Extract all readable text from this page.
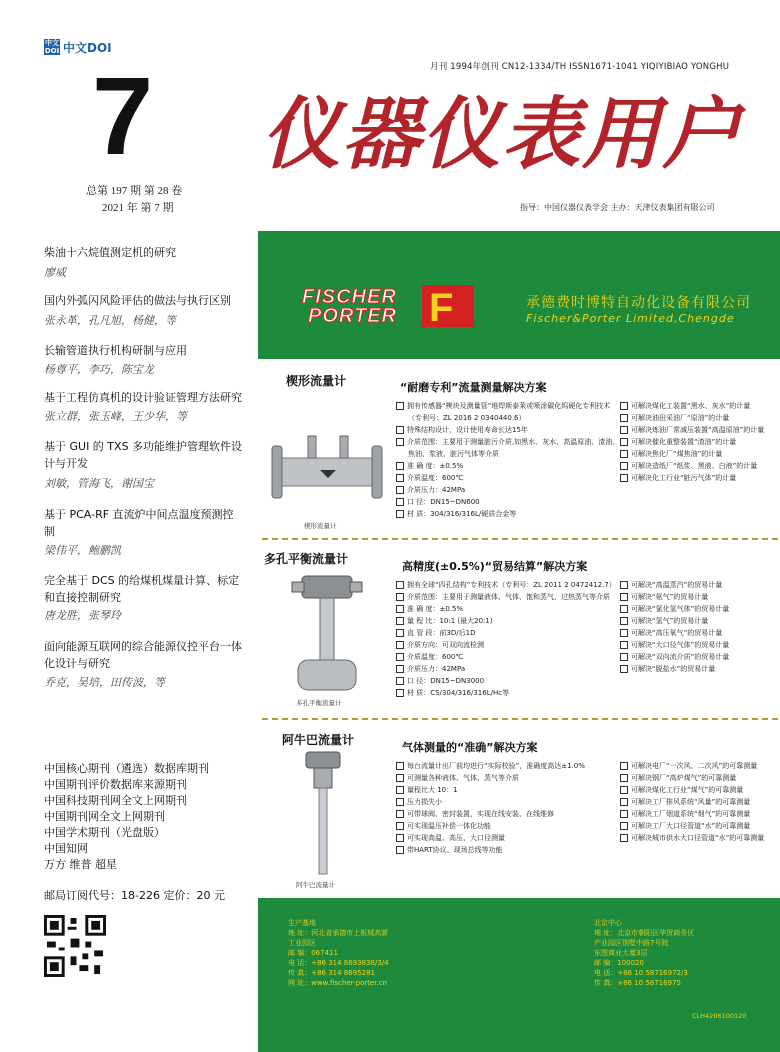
中文
DOI 中文DOI
7
总第 197 期 第 28 卷
2021 年 第 7 期
月刊 1994年创刊 CN12-1334/TH ISSN1671-1041 YIQIYIBIAO YONGHU
仪器仪表用户
指导：中国仪器仪表学会 主办：天津仪表集团有限公司
柴油十六烷值测定机的研究
廖威
国内外弧闪风险评估的做法与执行区别
张永革，孔凡旭，杨健，等
长输管道执行机构研制与应用
杨尊平，李巧，陈宝龙
基于工程仿真机的设计验证管理方法研究
张立群，张玉峰，王少华，等
基于 GUI 的 TXS 多功能维护管理软件设计与开发
刘敏，管海飞，谢国宝
基于 PCA-RF 直流炉中间点温度预测控制
梁伟平，鲍鹏凯
完全基于 DCS 的给煤机煤量计算、标定和直接控制研究
唐龙胜，张琴玲
面向能源互联网的综合能源仪控平台一体化设计与研究
乔克，吴培，田传波，等
中国核心期刊（遴选）数据库期刊
中国期刊评价数据库来源期刊
中国科技期刊网全文上网期刊
中国期刊网全文上网期刊
中国学术期刊（光盘版）
中国知网
万方 维普 超星
邮局订阅代号：18-226 定价：20 元
F
FISCHER
PORTER
承德费时博特自动化设备有限公司
Fischer&Porter Limited,Chengde
楔形流量计	“耐磨专利”流量测量解决方案
楔形流量计
拥有传感器“楔块及测量管”堆焊斯泰莱或喷涂碳化钨硬化专利技术
（专利号：ZL 2016 2 0340440.6）
特殊结构设计，设计使用寿命长达15年
介质范围：主要用于测量脏污介质,如黑水、灰水、高温原油、渣油、
焦油、浆液、脏污气体等介质
准 确 度：±0.5%
介质温度：600℃
介质压力：42MPa
口 径：DN15~DN600
材 质：304/316/316L/硬质合金等
可解决煤化工装置“黑水、灰水”的计量
可解决油田采油厂“原油”的计量
可解决炼油厂常减压装置“高温原油”的计量
可解决催化重整装置“渣油”的计量
可解决焦化厂“煤焦油”的计量
可解决造纸厂“纸浆、黑液、白液”的计量
可解决化工行业“脏污气体”的计量
多孔平衡流量计
高精度(±0.5%)“贸易结算”解决方案
多孔平衡流量计
拥有全球“四孔结构”专利技术（专利号：ZL 2011 2 0472412.7）
介质范围：主要用于测量液体、气体、饱和蒸气、过热蒸气等介质
准 确 度：±0.5%
量 程 比：10:1 (最大20:1)
直 管 段：前3D/后1D
介质方向：可双向流检测
介质温度：600℃
介质压力：42MPa
口 径：DN15~DN3000
材 质：CS/304/316/316L/Hc等
可解决“高温蒸汽”的贸易计量
可解决“氨气”的贸易计量
可解决“氯化氢气体”的贸易计量
可解决“氢气”的贸易计量
可解决“高压氧气”的贸易计量
可解决“大口径气体”的贸易计量
可解决“双向流介质”的贸易计量
可解决“脱盐水”的贸易计量
阿牛巴流量计
气体测量的“准确”解决方案
阿牛巴流量计
每台流量计出厂前均进行“实际校验”，准确度高达±1.0%
可测量各种液体、气体、蒸气等介质
量程比大 10：1
压力损失小
可带球阀、密封装置，实现在线安装、在线维修
可实现温压补偿一体化功能
可实现高温、高压、大口径测量
带HART协议、现场总线等功能
可解决电厂“一次风、二次风”的可靠测量
可解决钢厂“高炉煤气”的可靠测量
可解决煤化工行业“煤气”的可靠测量
可解决工厂排风系统“风量”的可靠测量
可解决工厂烟道系统“烟气”的可靠测量
可解决工厂大口径管道“水”的可靠测量
可解决城市供水大口径管道“水”的可靠测量
生产基地
地 址：河北省承德市上板城高新
工业园区
邮 编：067411
电 话：+86 314 8693838/3/4
传 真：+86 314 8695281
网 址：www.fischer-porter.cn
北京中心
地 址：北京市朝阳区华贸商务区
产业园区别墅中路7号院
东图商业大厦3层
邮 编：100020
电 话：+86 10 58716972/3
传 真：+86 10 58716975
CLH4206100120
